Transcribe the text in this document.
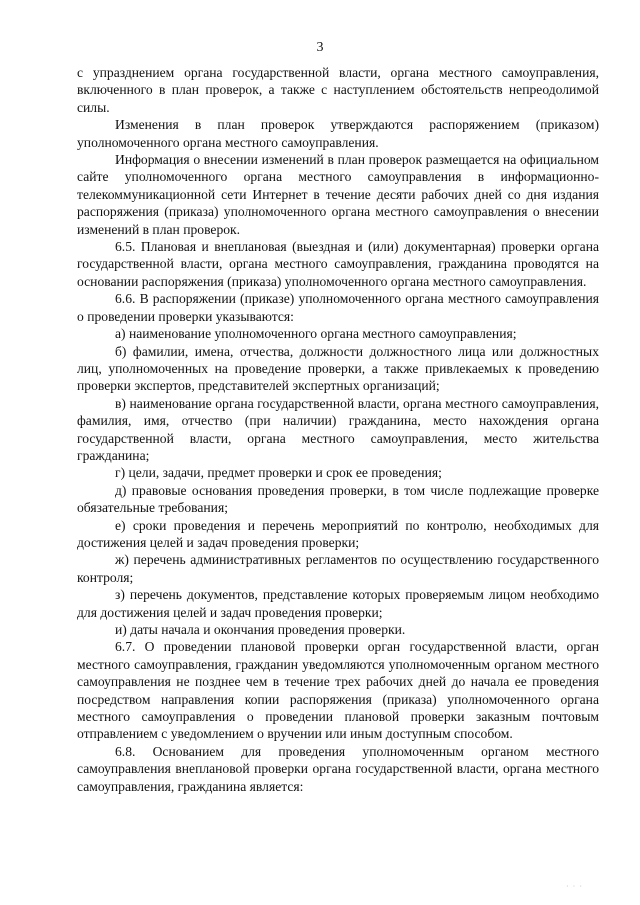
3

с упразднением органа государственной власти, органа местного самоуправления, включенного в план проверок, а также с наступлением обстоятельств непреодолимой силы.

Изменения в план проверок утверждаются распоряжением (приказом) уполномоченного органа местного самоуправления.

Информация о внесении изменений в план проверок размещается на официальном сайте уполномоченного органа местного самоуправления в информационно-телекоммуникационной сети Интернет в течение десяти рабочих дней со дня издания распоряжения (приказа) уполномоченного органа местного самоуправления о внесении изменений в план проверок.

6.5. Плановая и внеплановая (выездная и (или) документарная) проверки органа государственной власти, органа местного самоуправления, гражданина проводятся на основании распоряжения (приказа) уполномоченного органа местного самоуправления.

6.6. В распоряжении (приказе) уполномоченного органа местного самоуправления о проведении проверки указываются:

а) наименование уполномоченного органа местного самоуправления;

б) фамилии, имена, отчества, должности должностного лица или должностных лиц, уполномоченных на проведение проверки, а также привлекаемых к проведению проверки экспертов, представителей экспертных организаций;

в) наименование органа государственной власти, органа местного самоуправления, фамилия, имя, отчество (при наличии) гражданина, место нахождения органа государственной власти, органа местного самоуправления, место жительства гражданина;

г) цели, задачи, предмет проверки и срок ее проведения;

д) правовые основания проведения проверки, в том числе подлежащие проверке обязательные требования;

е) сроки проведения и перечень мероприятий по контролю, необходимых для достижения целей и задач проведения проверки;

ж) перечень административных регламентов по осуществлению государственного контроля;

з) перечень документов, представление которых проверяемым лицом необходимо для достижения целей и задач проведения проверки;

и) даты начала и окончания проведения проверки.

6.7. О проведении плановой проверки орган государственной власти, орган местного самоуправления, гражданин уведомляются уполномоченным органом местного самоуправления не позднее чем в течение трех рабочих дней до начала ее проведения посредством направления копии распоряжения (приказа) уполномоченного органа местного самоуправления о проведении плановой проверки заказным почтовым отправлением с уведомлением о вручении или иным доступным способом.

6.8. Основанием для проведения уполномоченным органом местного самоуправления внеплановой проверки органа государственной власти, органа местного самоуправления, гражданина является:

· · ·
